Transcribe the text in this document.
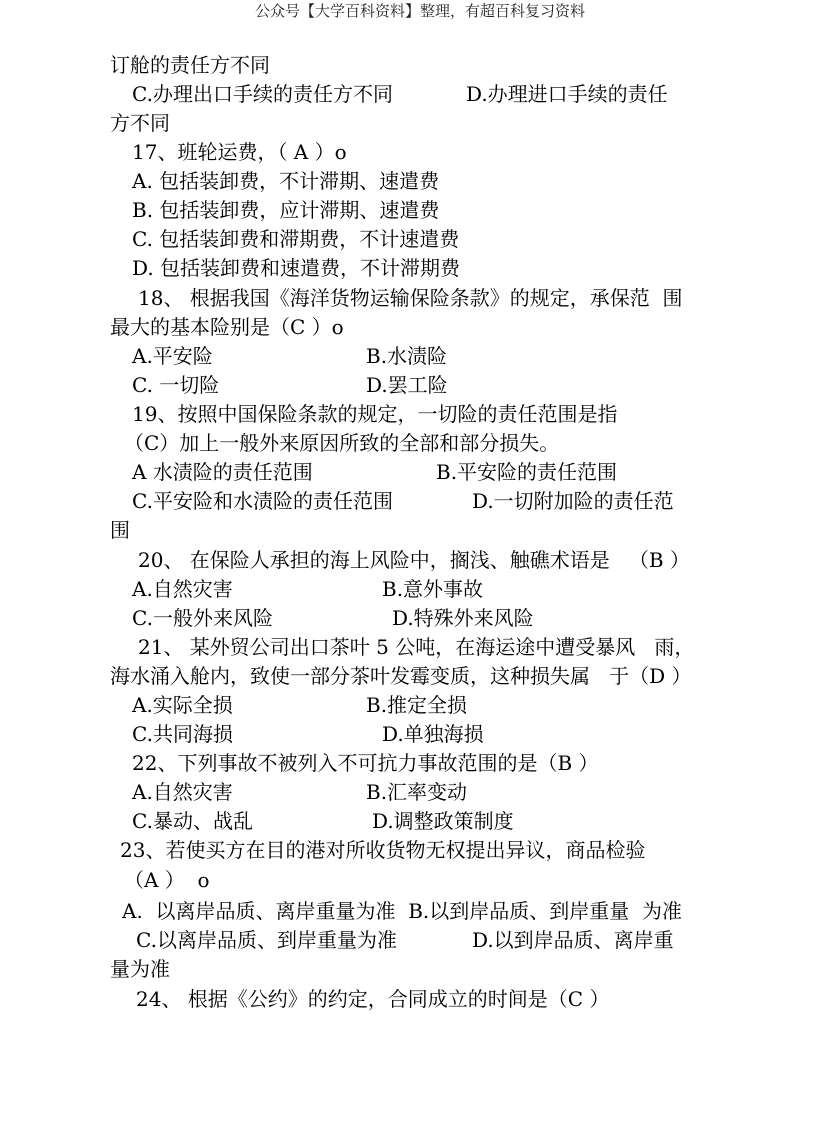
公众号【大学百科资料】整理，有超百科复习资料
订舱的责任方不同
C.办理出口手续的责任方不同	D.办理进口手续的责任
方不同
17、班轮运费，（ A ）o
A. 包括装卸费，不计滞期、速遣费
B. 包括装卸费，应计滞期、速遣费
C. 包括装卸费和滞期费，不计速遣费
D. 包括装卸费和速遣费，不计滞期费
18、 根据我国《海洋货物运输保险条款》的规定，承保范  围
最大的基本险别是（C ）o
A.平安险	B.水渍险
C. 一切险	D.罢工险
19、按照中国保险条款的规定，一切险的责任范围是指
（C）加上一般外来原因所致的全部和部分损失。
A 水渍险的责任范围	B.平安险的责任范围
C.平安险和水渍险的责任范围	D.一切附加险的责任范
围
20、 在保险人承担的海上风险中，搁浅、触礁术语是   （B ）
A.自然灾害	B.意外事故
C.一般外来风险	D.特殊外来风险
21、 某外贸公司出口茶叶 5 公吨，在海运途中遭受暴风   雨，
海水涌入舱内，致使一部分茶叶发霉变质，这种损失属   于（D ）
A.实际全损	B.推定全损
C.共同海损	D.单独海损
22、下列事故不被列入不可抗力事故范围的是（B ）
A.自然灾害	B.汇率变动
C.暴动、战乱	D.调整政策制度
23、若使买方在目的港对所收货物无权提出异议，商品检验
（A ）  o
A.  以离岸品质、离岸重量为准  B.以到岸品质、到岸重量  为准
C.以离岸品质、到岸重量为准	D.以到岸品质、离岸重
量为准
24、 根据《公约》的约定，合同成立的时间是（C ）
